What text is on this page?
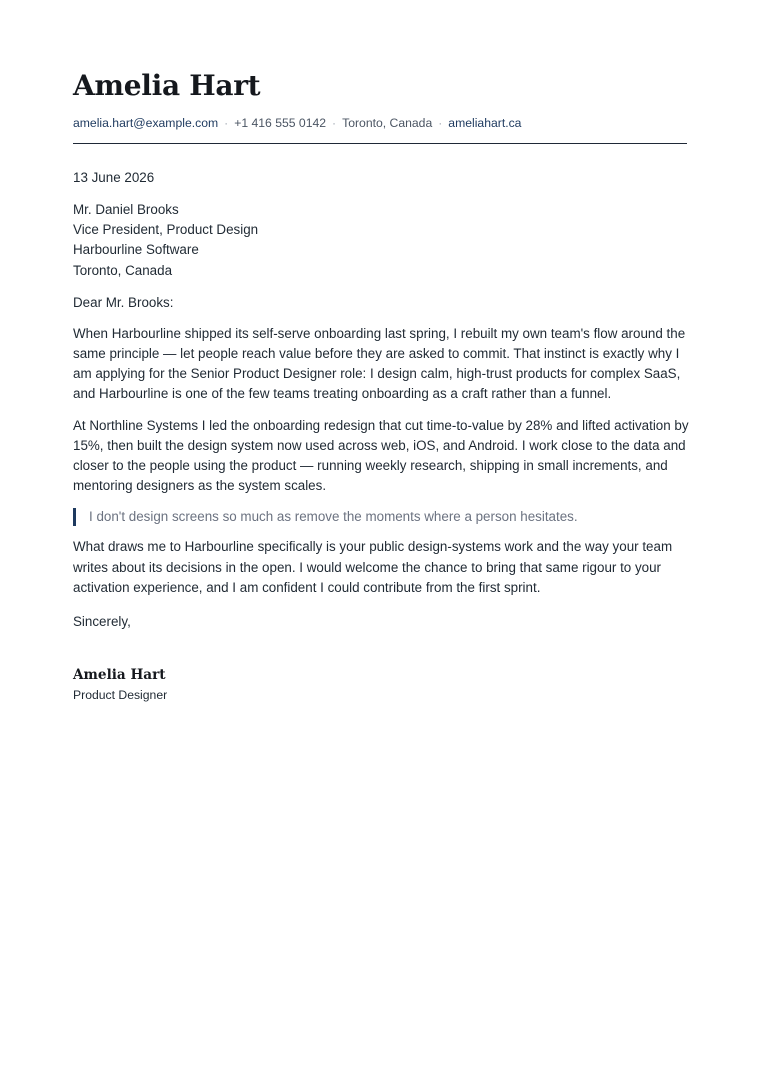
Amelia Hart
amelia.hart@example.com · +1 416 555 0142 · Toronto, Canada · ameliahart.ca
13 June 2026
Mr. Daniel Brooks
Vice President, Product Design
Harbourline Software
Toronto, Canada
Dear Mr. Brooks:

When Harbourline shipped its self-serve onboarding last spring, I rebuilt my own team's flow around the same principle — let people reach value before they are asked to commit. That instinct is exactly why I am applying for the Senior Product Designer role: I design calm, high-trust products for complex SaaS, and Harbourline is one of the few teams treating onboarding as a craft rather than a funnel.

At Northline Systems I led the onboarding redesign that cut time-to-value by 28% and lifted activation by 15%, then built the design system now used across web, iOS, and Android. I work close to the data and closer to the people using the product — running weekly research, shipping in small increments, and mentoring designers as the system scales.

I don't design screens so much as remove the moments where a person hesitates.

What draws me to Harbourline specifically is your public design-systems work and the way your team writes about its decisions in the open. I would welcome the chance to bring that same rigour to your activation experience, and I am confident I could contribute from the first sprint.

Sincerely,
Amelia Hart
Product Designer
